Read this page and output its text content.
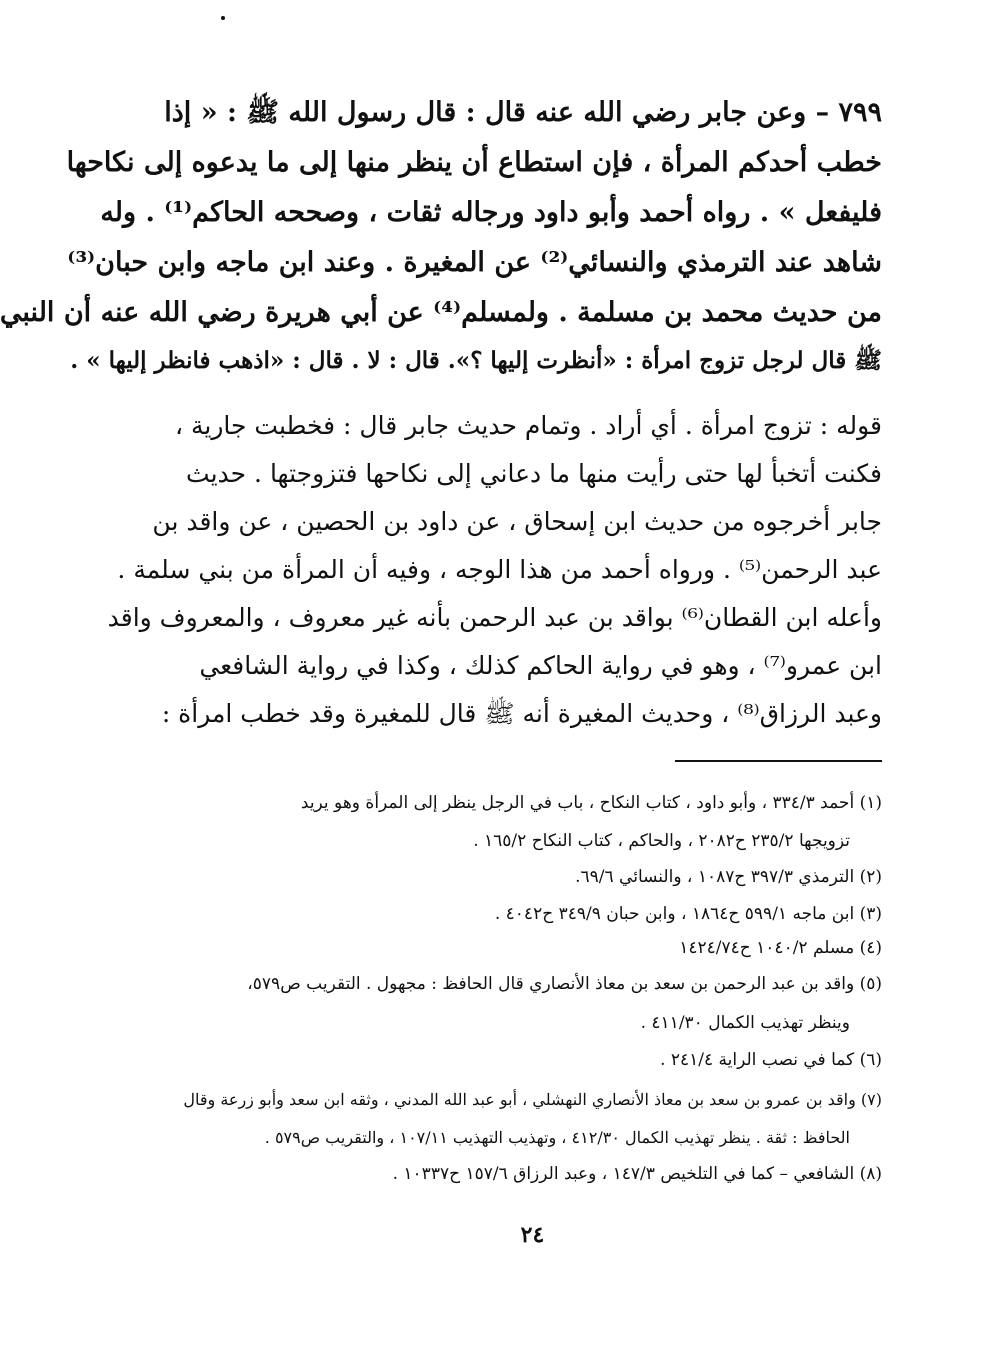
٧٩٩ – وعن جابر رضي الله عنه قال : قال رسول الله ﷺ : « إذا
خطب أحدكم المرأة ، فإن استطاع أن ينظر منها إلى ما يدعوه إلى نكاحها
فليفعل » . رواه أحمد وأبو داود ورجاله ثقات ، وصححه الحاكم⁽¹⁾ . وله
شاهد عند الترمذي والنسائي⁽²⁾ عن المغيرة . وعند ابن ماجه وابن حبان⁽³⁾
من حديث محمد بن مسلمة . ولمسلم⁽⁴⁾ عن أبي هريرة رضي الله عنه أن النبي
ﷺ قال لرجل تزوج امرأة : «أنظرت إليها ؟». قال : لا . قال : «اذهب فانظر إليها » .
قوله : تزوج امرأة . أي أراد . وتمام حديث جابر قال : فخطبت جارية ،
فكنت أتخبأ لها حتى رأيت منها ما دعاني إلى نكاحها فتزوجتها . حديث
جابر أخرجوه من حديث ابن إسحاق ، عن داود بن الحصين ، عن واقد بن
عبد الرحمن⁽⁵⁾ . ورواه أحمد من هذا الوجه ، وفيه أن المرأة من بني سلمة .
وأعله ابن القطان⁽⁶⁾ بواقد بن عبد الرحمن بأنه غير معروف ، والمعروف واقد
ابن عمرو⁽⁷⁾ ، وهو في رواية الحاكم كذلك ، وكذا في رواية الشافعي
وعبد الرزاق⁽⁸⁾ ، وحديث المغيرة أنه ﷺ قال للمغيرة وقد خطب امرأة :
(١) أحمد ٣٣٤/٣ ، وأبو داود ، كتاب النكاح ، باب في الرجل ينظر إلى المرأة وهو يريد
تزويجها ٢٣٥/٢ ح٢٠٨٢ ، والحاكم ، كتاب النكاح ١٦٥/٢ .
(٢) الترمذي ٣٩٧/٣ ح١٠٨٧ ، والنسائي ٦٩/٦.
(٣) ابن ماجه ٥٩٩/١ ح١٨٦٤ ، وابن حبان ٣٤٩/٩ ح٤٠٤٢ .
(٤) مسلم ١٠٤٠/٢ ح١٤٢٤/٧٤
(٥) واقد بن عبد الرحمن بن سعد بن معاذ الأنصاري قال الحافظ : مجهول . التقريب ص٥٧٩،
وينظر تهذيب الكمال ٤١١/٣٠ .
(٦) كما في نصب الراية ٢٤١/٤ .
(٧) واقد بن عمرو بن سعد بن معاذ الأنصاري النهشلي ، أبو عبد الله المدني ، وثقه ابن سعد وأبو زرعة وقال
الحافظ : ثقة . ينظر تهذيب الكمال ٤١٢/٣٠ ، وتهذيب التهذيب ١٠٧/١١ ، والتقريب ص٥٧٩ .
(٨) الشافعي – كما في التلخيص ١٤٧/٣ ، وعبد الرزاق ١٥٧/٦ ح١٠٣٣٧ .
٢٤
